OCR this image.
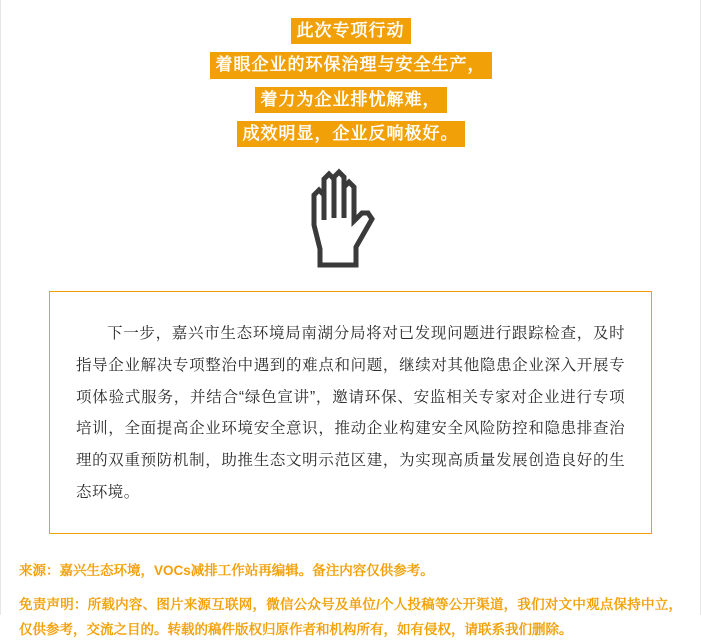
此次专项行动
着眼企业的环保治理与安全生产，
着力为企业排忧解难，
成效明显，企业反响极好。

下一步，嘉兴市生态环境局南湖分局将对已发现问题进行跟踪检查，及时指导企业解决专项整治中遇到的难点和问题，继续对其他隐患企业深入开展专项体验式服务，并结合“绿色宣讲”，邀请环保、安监相关专家对企业进行专项培训，全面提高企业环境安全意识，推动企业构建安全风险防控和隐患排查治理的双重预防机制，助推生态文明示范区建，为实现高质量发展创造良好的生态环境。

来源：嘉兴生态环境，VOCs减排工作站再编辑。备注内容仅供参考。
免责声明：所载内容、图片来源互联网，微信公众号及单位/个人投稿等公开渠道，我们对文中观点保持中立，仅供参考，交流之目的。转载的稿件版权归原作者和机构所有，如有侵权，请联系我们删除。
